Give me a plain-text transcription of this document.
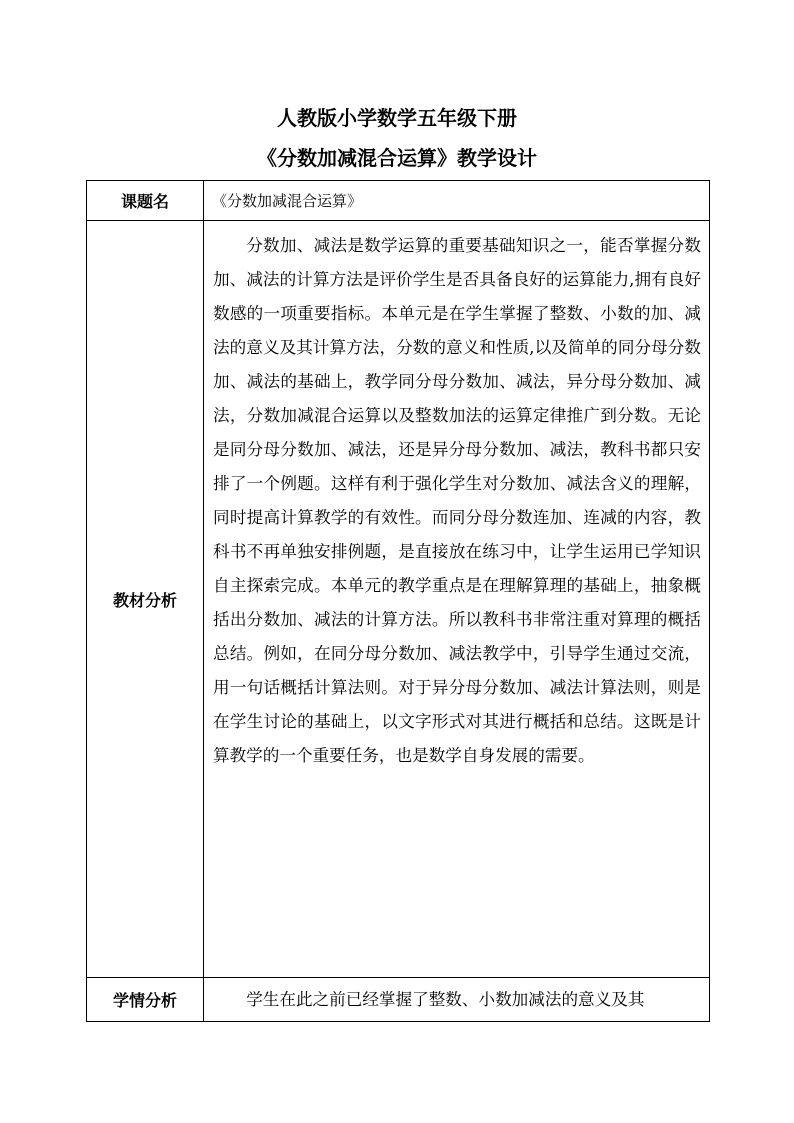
人教版小学数学五年级下册
《分数加减混合运算》教学设计
课题名	《分数加减混合运算》
教材分析	分数加、减法是数学运算的重要基础知识之一，能否掌握分数加、减法的计算方法是评价学生是否具备良好的运算能力,拥有良好数感的一项重要指标。本单元是在学生掌握了整数、小数的加、减法的意义及其计算方法，分数的意义和性质,以及简单的同分母分数加、减法的基础上，教学同分母分数加、减法，异分母分数加、减法，分数加减混合运算以及整数加法的运算定律推广到分数。无论是同分母分数加、减法，还是异分母分数加、减法，教科书都只安排了一个例题。这样有利于强化学生对分数加、减法含义的理解，同时提高计算教学的有效性。而同分母分数连加、连减的内容，教科书不再单独安排例题，是直接放在练习中，让学生运用已学知识自主探索完成。本单元的教学重点是在理解算理的基础上，抽象概括出分数加、减法的计算方法。所以教科书非常注重对算理的概括总结。例如，在同分母分数加、减法教学中，引导学生通过交流，用一句话概括计算法则。对于异分母分数加、减法计算法则，则是在学生讨论的基础上，以文字形式对其进行概括和总结。这既是计算教学的一个重要任务，也是数学自身发展的需要。
学情分析	学生在此之前已经掌握了整数、小数加减法的意义及其
